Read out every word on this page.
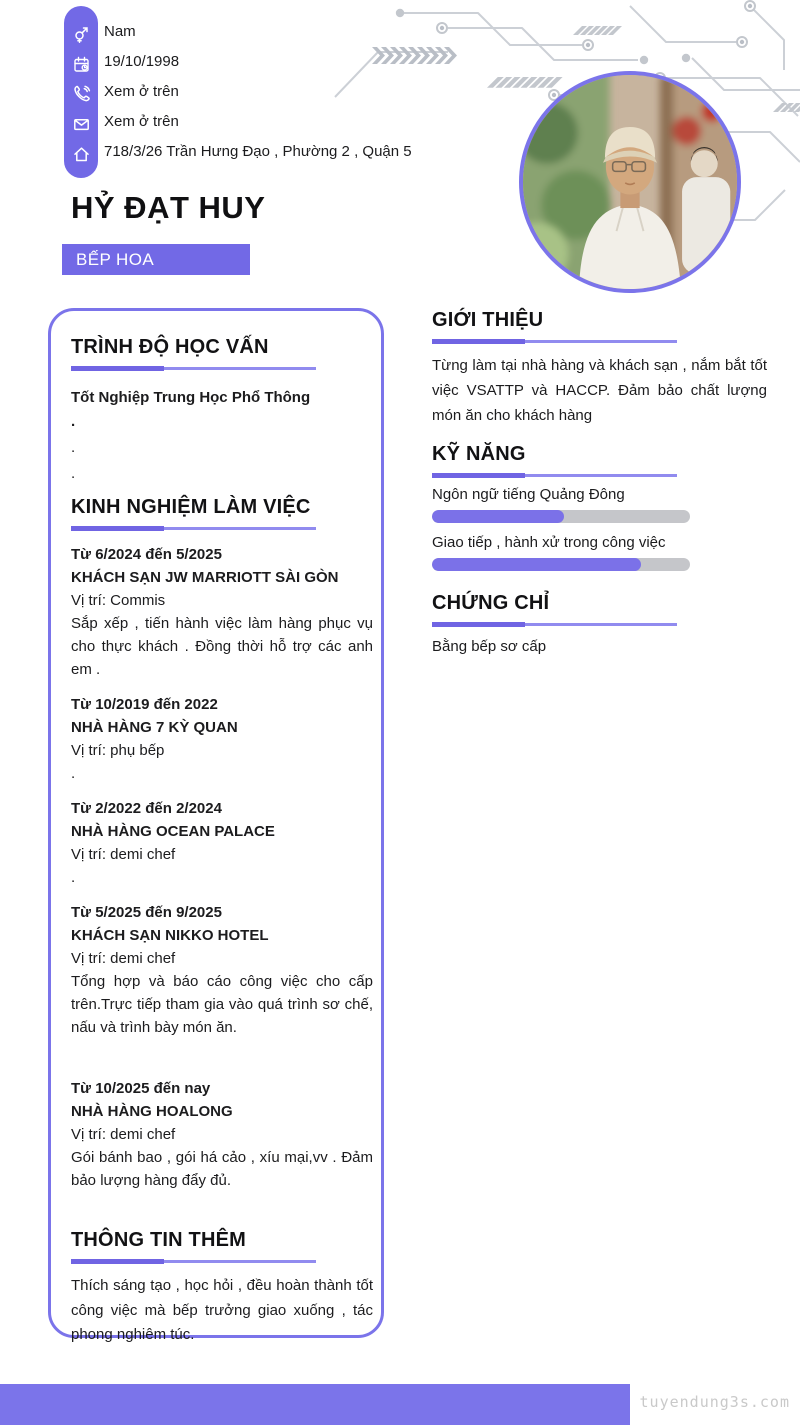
Nam
19/10/1998
Xem ở trên
Xem ở trên
718/3/26 Trần Hưng Đạo , Phường 2 , Quận 5
HỶ ĐẠT HUY
BẾP HOA
TRÌNH ĐỘ HỌC VẤN
Tốt Nghiệp Trung Học Phổ Thông
.
.
.
KINH NGHIỆM LÀM VIỆC
Từ 6/2024 đến 5/2025
KHÁCH SẠN JW MARRIOTT SÀI GÒN
Vị trí: Commis
Sắp xếp , tiến hành việc làm hàng phục vụ cho thực khách . Đồng thời hỗ trợ các anh em .
Từ 10/2019 đến 2022
NHÀ HÀNG 7 KỲ QUAN
Vị trí: phụ bếp
.
Từ 2/2022 đến 2/2024
NHÀ HÀNG OCEAN PALACE
Vị trí: demi chef
.
Từ 5/2025 đến 9/2025
KHÁCH SẠN NIKKO HOTEL
Vị trí: demi chef
Tổng hợp và báo cáo công việc cho cấp trên.Trực tiếp tham gia vào quá trình sơ chế, nấu và trình bày món ăn.
Từ 10/2025 đến nay
NHÀ HÀNG HOALONG
Vị trí: demi chef
Gói bánh bao , gói há cảo , xíu mại,vv . Đảm bảo lượng hàng đẩy đủ.
THÔNG TIN THÊM
Thích sáng tạo , học hỏi , đều hoàn thành tốt công việc mà bếp trưởng giao xuống , tác phong nghiêm túc.
GIỚI THIỆU
Từng làm tại nhà hàng và khách sạn , nắm bắt tốt việc VSATTP và HACCP. Đảm bảo chất lượng món ăn cho khách hàng
KỸ NĂNG
Ngôn ngữ tiếng Quảng Đông
Giao tiếp , hành xử trong công việc
CHỨNG CHỈ
Bằng bếp sơ cấp
tuyendung3s.com
